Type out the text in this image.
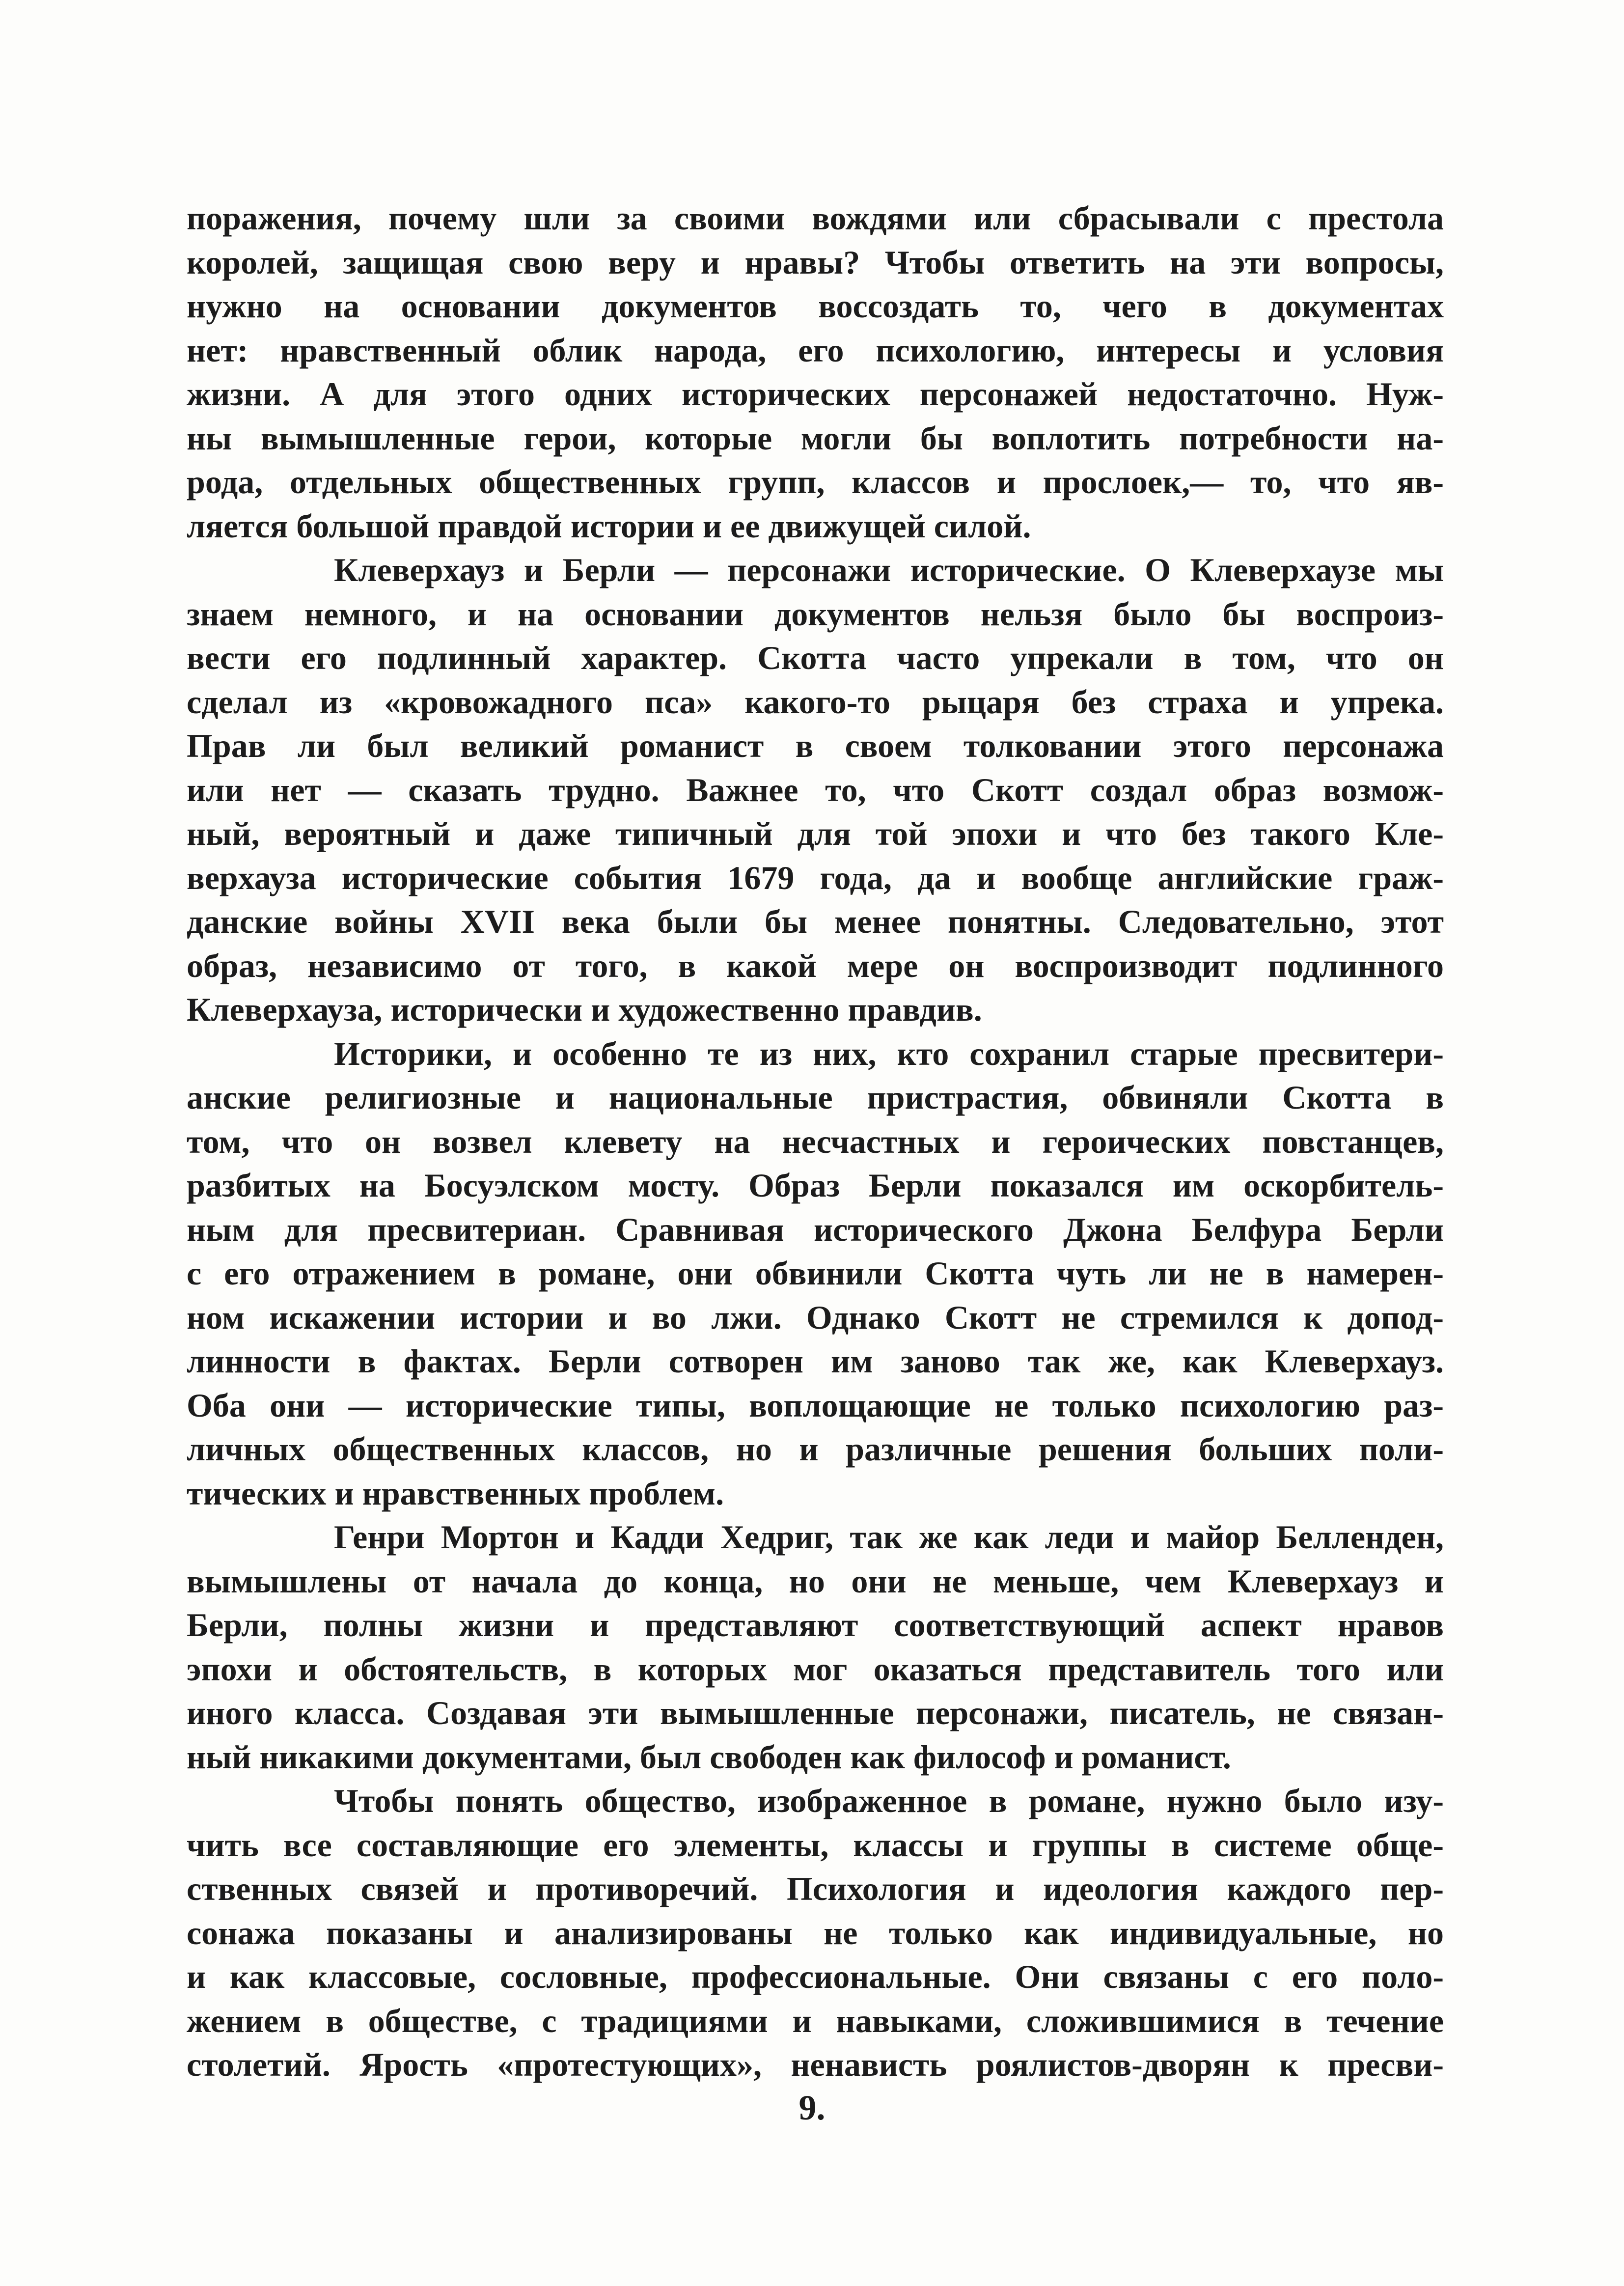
поражения, почему шли за своими вождями или сбрасывали с престола
королей, защищая свою веру и нравы? Чтобы ответить на эти вопросы,
нужно на основании документов воссоздать то, чего в документах
нет: нравственный облик народа, его психологию, интересы и условия
жизни. А для этого одних исторических персонажей недостаточно. Нуж-
ны вымышленные герои, которые могли бы воплотить потребности на-
рода, отдельных общественных групп, классов и прослоек,— то, что яв-
ляется большой правдой истории и ее движущей силой.
Клеверхауз и Берли — персонажи исторические. О Клеверхаузе мы
знаем немного, и на основании документов нельзя было бы воспроиз-
вести его подлинный характер. Скотта часто упрекали в том, что он
сделал из «кровожадного пса» какого-то рыцаря без страха и упрека.
Прав ли был великий романист в своем толковании этого персонажа
или нет — сказать трудно. Важнее то, что Скотт создал образ возмож-
ный, вероятный и даже типичный для той эпохи и что без такого Кле-
верхауза исторические события 1679 года, да и вообще английские граж-
данские войны XVII века были бы менее понятны. Следовательно, этот
образ, независимо от того, в какой мере он воспроизводит подлинного
Клеверхауза, исторически и художественно правдив.
Историки, и особенно те из них, кто сохранил старые пресвитери-
анские религиозные и национальные пристрастия, обвиняли Скотта в
том, что он возвел клевету на несчастных и героических повстанцев,
разбитых на Босуэлском мосту. Образ Берли показался им оскорбитель-
ным для пресвитериан. Сравнивая исторического Джона Белфура Берли
с его отражением в романе, они обвинили Скотта чуть ли не в намерен-
ном искажении истории и во лжи. Однако Скотт не стремился к допод-
линности в фактах. Берли сотворен им заново так же, как Клеверхауз.
Оба они — исторические типы, воплощающие не только психологию раз-
личных общественных классов, но и различные решения больших поли-
тических и нравственных проблем.
Генри Мортон и Кадди Хедриг, так же как леди и майор Белленден,
вымышлены от начала до конца, но они не меньше, чем Клеверхауз и
Берли, полны жизни и представляют соответствующий аспект нравов
эпохи и обстоятельств, в которых мог оказаться представитель того или
иного класса. Создавая эти вымышленные персонажи, писатель, не связан-
ный никакими документами, был свободен как философ и романист.
Чтобы понять общество, изображенное в романе, нужно было изу-
чить все составляющие его элементы, классы и группы в системе обще-
ственных связей и противоречий. Психология и идеология каждого пер-
сонажа показаны и анализированы не только как индивидуальные, но
и как классовые, сословные, профессиональные. Они связаны с его поло-
жением в обществе, с традициями и навыками, сложившимися в течение
столетий. Ярость «протестующих», ненависть роялистов-дворян к пресви-
9.
